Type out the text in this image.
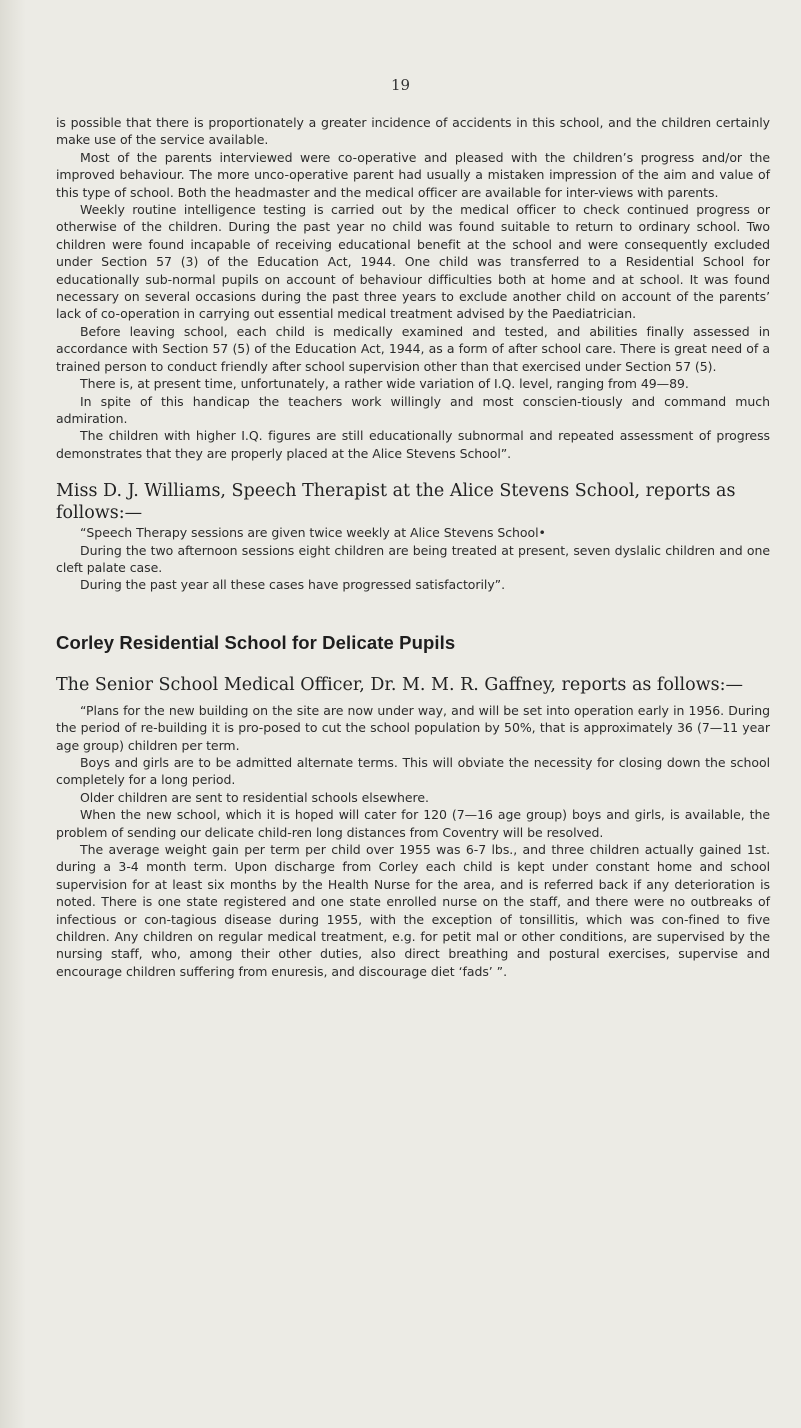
19

is possible that there is proportionately a greater incidence of accidents in this school, and the children certainly make use of the service available.

Most of the parents interviewed were co-operative and pleased with the children’s progress and/or the improved behaviour. The more unco-operative parent had usually a mistaken impression of the aim and value of this type of school. Both the headmaster and the medical officer are available for inter-views with parents.

Weekly routine intelligence testing is carried out by the medical officer to check continued progress or otherwise of the children. During the past year no child was found suitable to return to ordinary school. Two children were found incapable of receiving educational benefit at the school and were consequently excluded under Section 57 (3) of the Education Act, 1944. One child was transferred to a Residential School for educationally sub-normal pupils on account of behaviour difficulties both at home and at school. It was found necessary on several occasions during the past three years to exclude another child on account of the parents’ lack of co-operation in carrying out essential medical treatment advised by the Paediatrician.

Before leaving school, each child is medically examined and tested, and abilities finally assessed in accordance with Section 57 (5) of the Education Act, 1944, as a form of after school care. There is great need of a trained person to conduct friendly after school supervision other than that exercised under Section 57 (5).

There is, at present time, unfortunately, a rather wide variation of I.Q. level, ranging from 49—89.

In spite of this handicap the teachers work willingly and most conscien-tiously and command much admiration.

The children with higher I.Q. figures are still educationally subnormal and repeated assessment of progress demonstrates that they are properly placed at the Alice Stevens School”.

Miss D. J. Williams, Speech Therapist at the Alice Stevens School, reports as follows:—

“Speech Therapy sessions are given twice weekly at Alice Stevens School•

During the two afternoon sessions eight children are being treated at present, seven dyslalic children and one cleft palate case.

During the past year all these cases have progressed satisfactorily”.

Corley Residential School for Delicate Pupils

The Senior School Medical Officer, Dr. M. M. R. Gaffney, reports as follows:—

“Plans for the new building on the site are now under way, and will be set into operation early in 1956. During the period of re-building it is pro-posed to cut the school population by 50%, that is approximately 36 (7—11 year age group) children per term.

Boys and girls are to be admitted alternate terms. This will obviate the necessity for closing down the school completely for a long period.

Older children are sent to residential schools elsewhere.

When the new school, which it is hoped will cater for 120 (7—16 age group) boys and girls, is available, the problem of sending our delicate child-ren long distances from Coventry will be resolved.

The average weight gain per term per child over 1955 was 6-7 lbs., and three children actually gained 1st. during a 3-4 month term. Upon discharge from Corley each child is kept under constant home and school supervision for at least six months by the Health Nurse for the area, and is referred back if any deterioration is noted. There is one state registered and one state enrolled nurse on the staff, and there were no outbreaks of infectious or con-tagious disease during 1955, with the exception of tonsillitis, which was con-fined to five children. Any children on regular medical treatment, e.g. for petit mal or other conditions, are supervised by the nursing staff, who, among their other duties, also direct breathing and postural exercises, supervise and encourage children suffering from enuresis, and discourage diet ‘fads’ ”.
